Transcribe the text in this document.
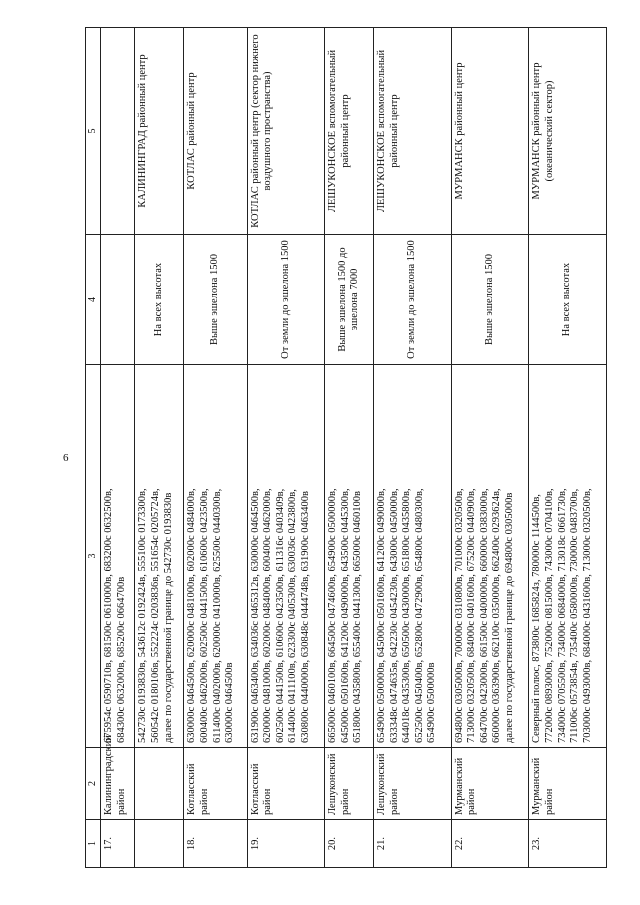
6
1	2	3	4	5
17.	Калининградский район	675954с 0590710в, 681500с 0610000в, 683200с 0632500в, 684300с 0632000в, 685200с 0664700в		

		542730с 0193830в, 543612с 0192424в, 555100с 0173300в, 560542с 0180106в, 552224с 0203836в, 551654с 0205724в, далее по государственной границе до 542730с 0193830в	На всех высотах	КАЛИНИНГРАД районный центр
18.	Котласский район	630000с 0464500в, 620000с 0481000в, 602000с 0484000в, 600400с 0462000в, 602500с 0441500в, 610600с 0423500в, 611400с 0402000в, 620000с 0410000в, 625500с 0440300в, 630000с 0464500в	Выше эшелона 1500	КОТЛАС районный центр
19.	Котласский район	631900с 0463400в, 634036с 0465312в, 630000с 0464500в, 620000с 0481000в, 602000с 0484000в, 600400с 0462000в, 602500с 0441500в, 610600с 0423500в, 611316с 0403409в, 614400с 0411100в, 623300с 0405300в, 630036с 0423800в, 630800с 0440000в, 630848с 0444748в, 631900с 0463400в	От земли до эшелона 1500	КОТЛАС районный центр (сектор нижнего воздушного пространства)
20.	Лешуконский район	665000с 0460100в, 664500с 0474600в, 654900с 0500000в, 645000с 0501600в, 641200с 0490000в, 643500с 0445300в, 651800с 0435800в, 655400с 0441300в, 665000с 0460100в	Выше эшелона 1500 до эшелона 7000	ЛЕШУКОНСКОЕ вспомогательный районный центр
21.	Лешуконский район	654900с 0500000в, 645000с 0501600в, 641200с 0490000в, 633348с 0474635в, 642230с 0454230в, 643000с 0450000в, 644018с 0435300в, 650500с 0430000в, 651800с 0435800в, 652500с 0450400в, 652800с 0472900в, 654800с 0480300в, 654900с 0500000в	От земли до эшелона 1500	ЛЕШУКОНСКОЕ вспомогательный районный центр
22.	Мурманский район	694800с 0305000в, 700000с 0310800в, 701000с 0320500в, 713000с 0320500в, 684000с 0401600в, 675200с 0440900в, 664700с 0423000в, 661500с 0400000в, 660000с 0383000в, 660000с 0363900в, 662100с 0350000в, 662400с 0293624в, далее по государственной границе до 694800с 0305000в	Выше эшелона 1500	МУРМАНСК районный центр
23.	Мурманский район	Северный полюс, 873800с 1685824з, 780000с 1144500в, 772000с 0893000в, 752000с 0815000в, 743000с 0704100в, 734000с 0705500в, 734000с 0684000в, 713018с 0661730в, 711006с 0573854в, 735400с 0580000в, 730000с 0483700в, 703000с 0493000в, 684000с 0431600в, 713000с 0320500в,	На всех высотах	МУРМАНСК районный центр (океанический сектор)
